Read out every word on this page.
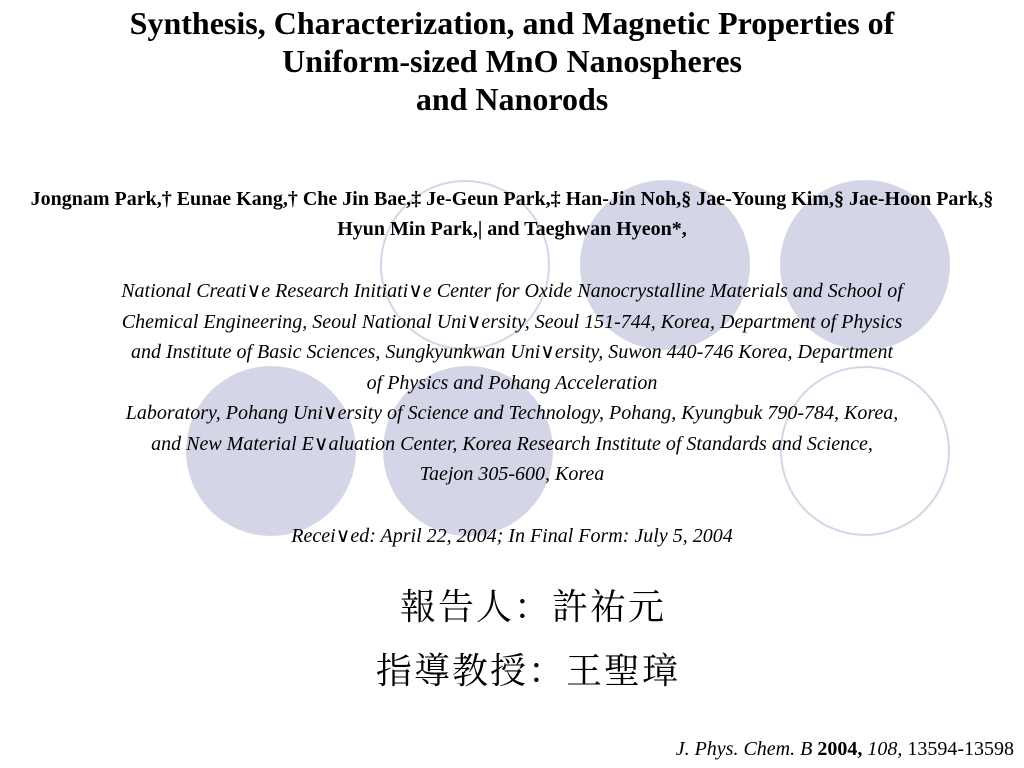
Synthesis, Characterization, and Magnetic Properties of
Uniform-sized MnO Nanospheres
and Nanorods
Jongnam Park,† Eunae Kang,† Che Jin Bae,‡ Je-Geun Park,‡ Han-Jin Noh,§ Jae-Young Kim,§ Jae-Hoon Park,§ Hyun Min Park,| and Taeghwan Hyeon*,
National Creati∨e Research Initiati∨e Center for Oxide Nanocrystalline Materials and School of
Chemical Engineering, Seoul National Uni∨ersity, Seoul 151-744, Korea, Department of Physics
and Institute of Basic Sciences, Sungkyunkwan Uni∨ersity, Suwon 440-746 Korea, Department
of Physics and Pohang Acceleration
Laboratory, Pohang Uni∨ersity of Science and Technology, Pohang, Kyungbuk 790-784, Korea,
and New Material E∨aluation Center, Korea Research Institute of Standards and Science,
Taejon 305-600, Korea
Recei∨ed: April 22, 2004; In Final Form: July 5, 2004
報告人：許祐元
指導教授：王聖璋
J. Phys. Chem. B 2004, 108, 13594-13598
